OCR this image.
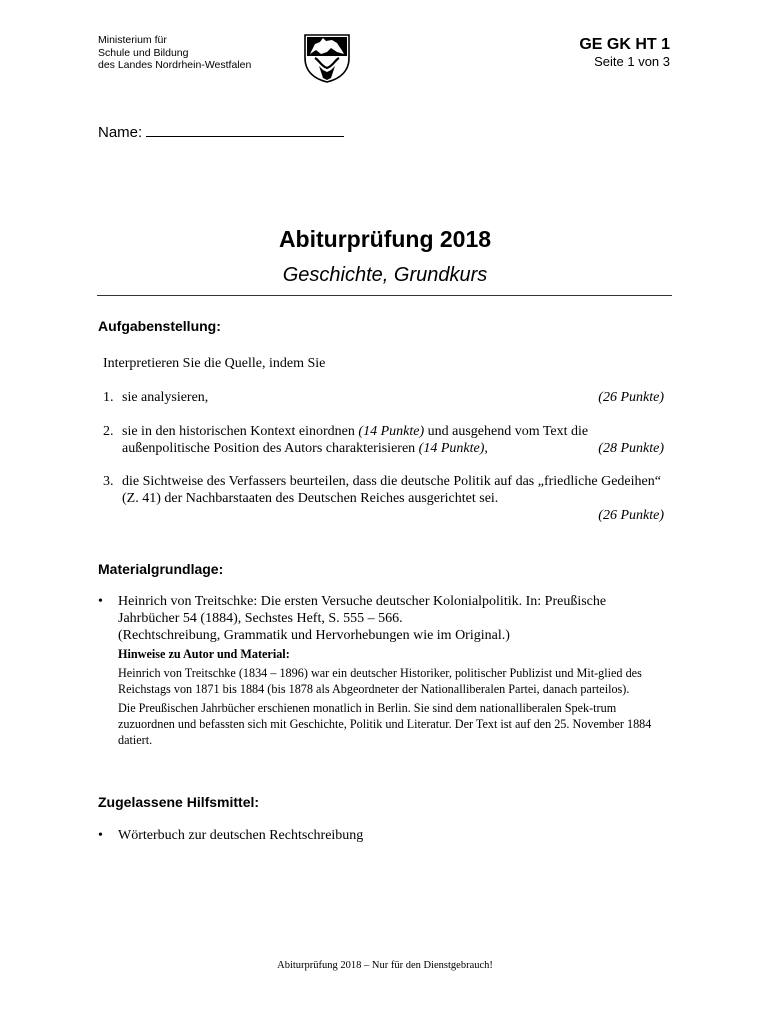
Ministerium für
Schule und Bildung
des Landes Nordrhein-Westfalen
GE GK HT 1
Seite 1 von 3
Name:
Abiturprüfung 2018
Geschichte, Grundkurs
Aufgabenstellung:
Interpretieren Sie die Quelle, indem Sie
1.	(26 Punkte)
sie analysieren,
2. sie in den historischen Kontext einordnen (14 Punkte) und ausgehend vom Text die
(28 Punkte)
außenpolitische Position des Autors charakterisieren (14 Punkte),
3. die Sichtweise des Verfassers beurteilen, dass die deutsche Politik auf das „friedliche Gedeihen“ (Z. 41) der Nachbarstaaten des Deutschen Reiches ausgerichtet sei.
(26 Punkte)
Materialgrundlage:
• Heinrich von Treitschke: Die ersten Versuche deutscher Kolonialpolitik. In: Preußische Jahrbücher 54 (1884), Sechstes Heft, S. 555 – 566.
(Rechtschreibung, Grammatik und Hervorhebungen wie im Original.)

Hinweise zu Autor und Material:

Heinrich von Treitschke (1834 – 1896) war ein deutscher Historiker, politischer Publizist und Mit-glied des Reichstags von 1871 bis 1884 (bis 1878 als Abgeordneter der Nationalliberalen Partei, danach parteilos).

Die Preußischen Jahrbücher erschienen monatlich in Berlin. Sie sind dem nationalliberalen Spek-trum zuzuordnen und befassten sich mit Geschichte, Politik und Literatur. Der Text ist auf den 25. November 1884 datiert.

Zugelassene Hilfsmittel:
• Wörterbuch zur deutschen Rechtschreibung
Abiturprüfung 2018 – Nur für den Dienstgebrauch!
